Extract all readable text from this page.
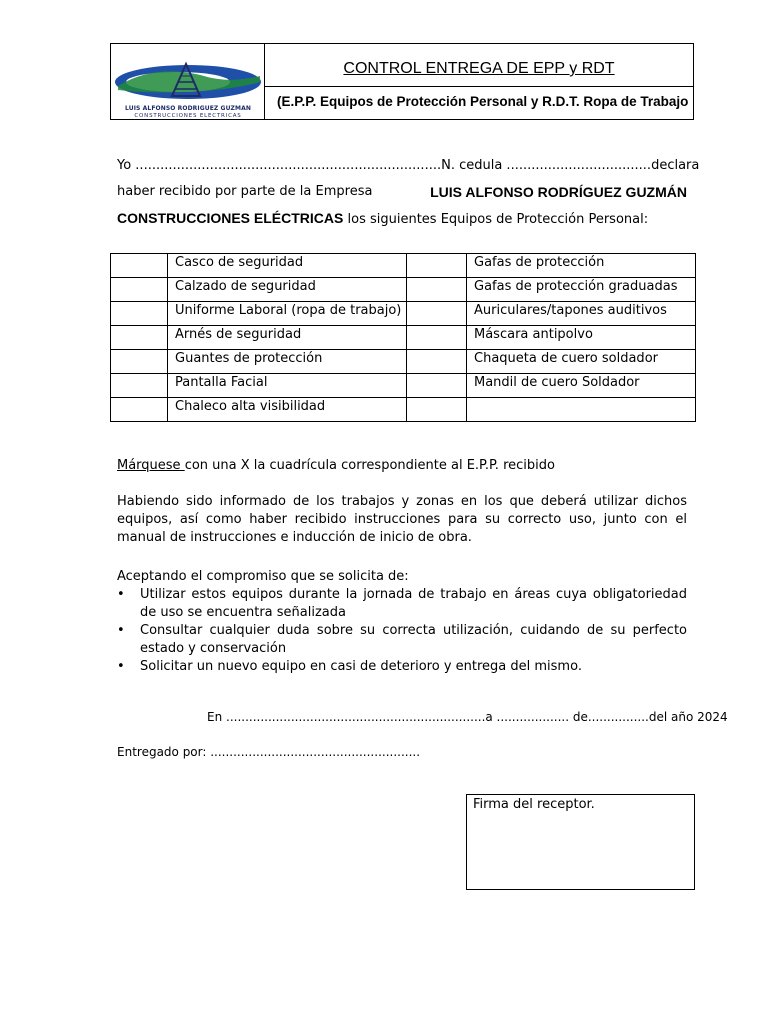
LUIS ALFONSO RODRIGUEZ GUZMAN
CONSTRUCCIONES ELECTRICAS
CONTROL ENTREGA DE EPP y RDT
(E.P.P. Equipos de Protección Personal y R.D.T. Ropa de Trabajo
Yo .......................................................................... N. cedula ................................... declara
haber recibido por parte de la Empresa	LUIS ALFONSO RODRÍGUEZ GUZMÁN
CONSTRUCCIONES ELÉCTRICAS los siguientes Equipos de Protección Personal:
	Casco de seguridad		Gafas de protección
	Calzado de seguridad		Gafas de protección graduadas
	Uniforme Laboral (ropa de trabajo)		Auriculares/tapones auditivos
	Arnés de seguridad		Máscara antipolvo
	Guantes de protección		Chaqueta de cuero soldador
	Pantalla Facial		Mandil de cuero Soldador
	Chaleco alta visibilidad		
Márquese con una X la cuadrícula correspondiente al E.P.P. recibido
Habiendo sido informado de los trabajos y zonas en los que deberá utilizar dichos equipos, así como haber recibido instrucciones para su correcto uso, junto con el manual de instrucciones e inducción de inicio de obra.
Aceptando el compromiso que se solicita de:
• Utilizar estos equipos durante la jornada de trabajo en áreas cuya obligatoriedad de uso se encuentra señalizada
• Consultar cualquier duda sobre su correcta utilización, cuidando de su perfecto estado y conservación
• Solicitar un nuevo equipo en casi de deterioro y entrega del mismo.
En ....................................................................a ................... de................del año 2024
Entregado por: .......................................................
Firma del receptor.
